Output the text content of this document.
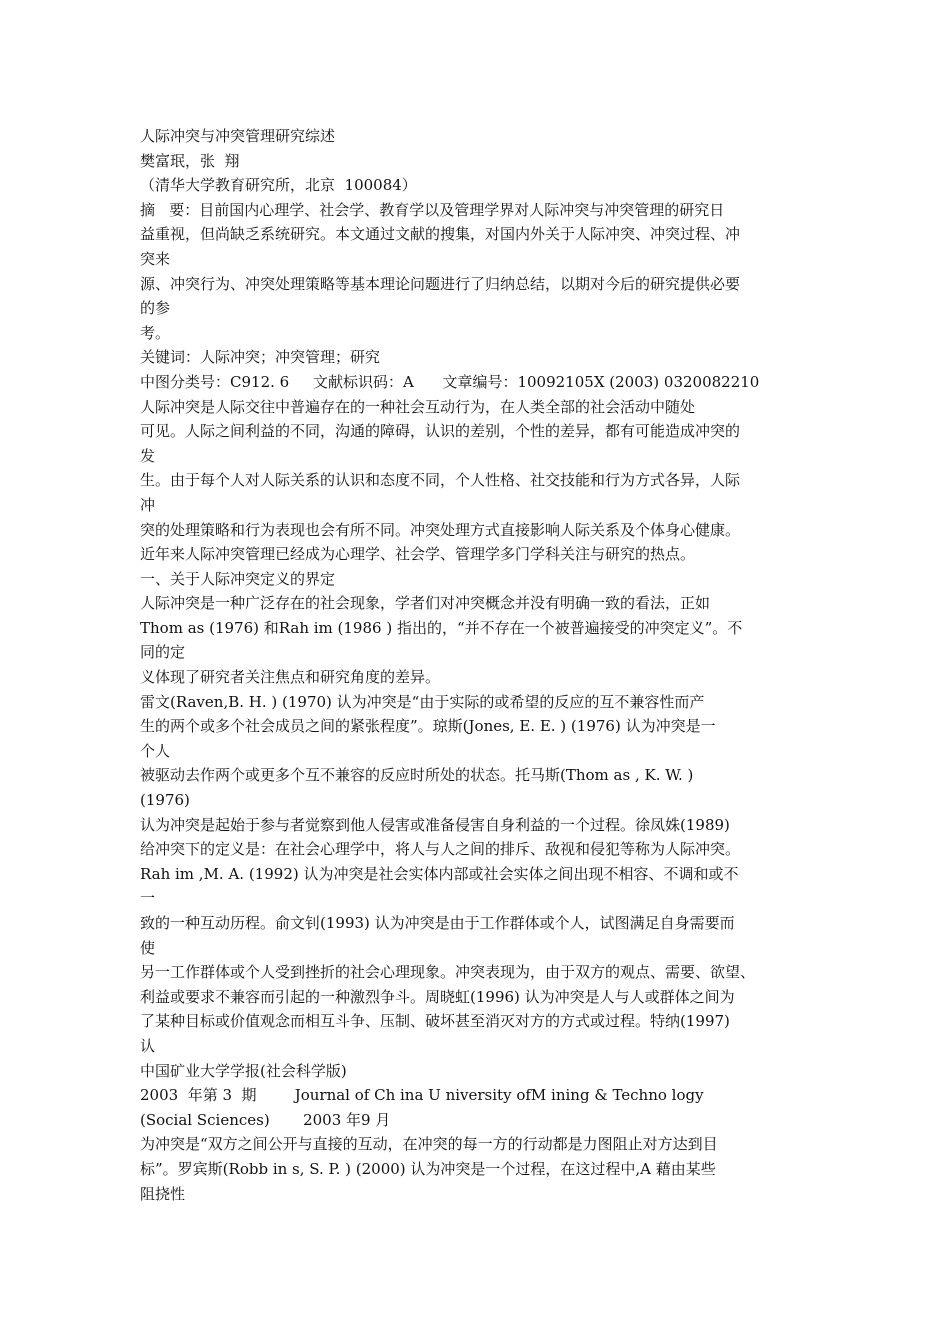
人际冲突与冲突管理研究综述
樊富珉，张  翔
（清华大学教育研究所，北京  100084）
摘   要：目前国内心理学、社会学、教育学以及管理学界对人际冲突与冲突管理的研究日
益重视，但尚缺乏系统研究。本文通过文献的搜集，对国内外关于人际冲突、冲突过程、冲
突来
源、冲突行为、冲突处理策略等基本理论问题进行了归纳总结，以期对今后的研究提供必要
的参
考。
关键词：人际冲突；冲突管理；研究
中图分类号：C912. 6     文献标识码：A      文章编号：10092105X (2003) 0320082210
人际冲突是人际交往中普遍存在的一种社会互动行为，在人类全部的社会活动中随处
可见。人际之间利益的不同，沟通的障碍，认识的差别，个性的差异，都有可能造成冲突的
发
生。由于每个人对人际关系的认识和态度不同，个人性格、社交技能和行为方式各异，人际
冲
突的处理策略和行为表现也会有所不同。冲突处理方式直接影响人际关系及个体身心健康。
近年来人际冲突管理已经成为心理学、社会学、管理学多门学科关注与研究的热点。
一、关于人际冲突定义的界定
人际冲突是一种广泛存在的社会现象，学者们对冲突概念并没有明确一致的看法，正如
Thom as (1976) 和Rah im (1986 ) 指出的，“并不存在一个被普遍接受的冲突定义”。不
同的定
义体现了研究者关注焦点和研究角度的差异。
雷文(Raven,B. H. ) (1970) 认为冲突是“由于实际的或希望的反应的互不兼容性而产
生的两个或多个社会成员之间的紧张程度”。琼斯(Jones, E. E. ) (1976) 认为冲突是一
个人
被驱动去作两个或更多个互不兼容的反应时所处的状态。托马斯(Thom as , K. W. )
(1976)
认为冲突是起始于参与者觉察到他人侵害或准备侵害自身利益的一个过程。徐凤姝(1989)
给冲突下的定义是：在社会心理学中，将人与人之间的排斥、敌视和侵犯等称为人际冲突。
Rah im ,M. A. (1992) 认为冲突是社会实体内部或社会实体之间出现不相容、不调和或不
一
致的一种互动历程。俞文钊(1993) 认为冲突是由于工作群体或个人，试图满足自身需要而
使
另一工作群体或个人受到挫折的社会心理现象。冲突表现为，由于双方的观点、需要、欲望、
利益或要求不兼容而引起的一种激烈争斗。周晓虹(1996) 认为冲突是人与人或群体之间为
了某种目标或价值观念而相互斗争、压制、破坏甚至消灭对方的方式或过程。特纳(1997)
认
中国矿业大学学报(社会科学版)
2003  年第 3  期        Journal of Ch ina U niversity ofM ining & Techno logy
(Social Sciences)       2003 年9 月
为冲突是“双方之间公开与直接的互动，在冲突的每一方的行动都是力图阻止对方达到目
标”。罗宾斯(Robb in s, S. P. ) (2000) 认为冲突是一个过程，在这过程中,A 藉由某些
阻挠性
